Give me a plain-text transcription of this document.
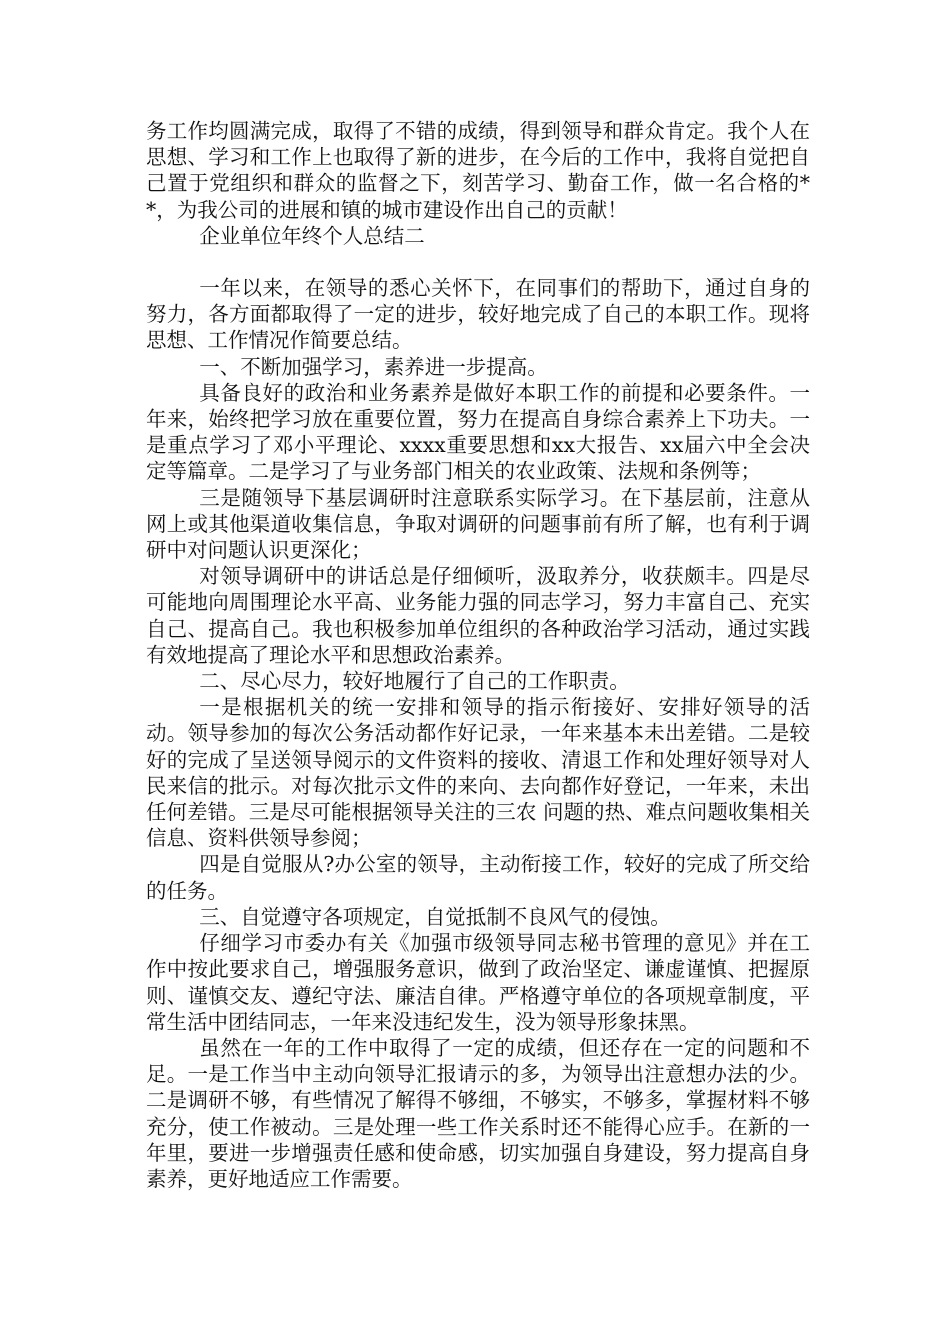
务工作均圆满完成，取得了不错的成绩，得到领导和群众肯定。我个人在思想、学习和工作上也取得了新的进步，在今后的工作中，我将自觉把自己置于党组织和群众的监督之下，刻苦学习、勤奋工作，做一名合格的**，为我公司的进展和镇的城市建设作出自己的贡献！

企业单位年终个人总结二

一年以来，在领导的悉心关怀下，在同事们的帮助下，通过自身的努力，各方面都取得了一定的进步，较好地完成了自己的本职工作。现将思想、工作情况作简要总结。

一、不断加强学习，素养进一步提高。

具备良好的政治和业务素养是做好本职工作的前提和必要条件。一年来，始终把学习放在重要位置，努力在提高自身综合素养上下功夫。一是重点学习了邓小平理论、xxxx重要思想和xx大报告、xx届六中全会决定等篇章。二是学习了与业务部门相关的农业政策、法规和条例等；

三是随领导下基层调研时注意联系实际学习。在下基层前，注意从网上或其他渠道收集信息，争取对调研的问题事前有所了解，也有利于调研中对问题认识更深化；

对领导调研中的讲话总是仔细倾听，汲取养分，收获颇丰。四是尽可能地向周围理论水平高、业务能力强的同志学习，努力丰富自己、充实自己、提高自己。我也积极参加单位组织的各种政治学习活动，通过实践有效地提高了理论水平和思想政治素养。

二、尽心尽力，较好地履行了自己的工作职责。

一是根据机关的统一安排和领导的指示衔接好、安排好领导的活动。领导参加的每次公务活动都作好记录，一年来基本未出差错。二是较好的完成了呈送领导阅示的文件资料的接收、清退工作和处理好领导对人民来信的批示。对每次批示文件的来向、去向都作好登记，一年来，未出任何差错。三是尽可能根据领导关注的三农 问题的热、难点问题收集相关信息、资料供领导参阅；

四是自觉服从?办公室的领导，主动衔接工作，较好的完成了所交给的任务。

三、自觉遵守各项规定，自觉抵制不良风气的侵蚀。

仔细学习市委办有关《加强市级领导同志秘书管理的意见》并在工作中按此要求自己，增强服务意识，做到了政治坚定、谦虚谨慎、把握原则、谨慎交友、遵纪守法、廉洁自律。严格遵守单位的各项规章制度，平常生活中团结同志，一年来没违纪发生，没为领导形象抹黑。

虽然在一年的工作中取得了一定的成绩，但还存在一定的问题和不足。一是工作当中主动向领导汇报请示的多，为领导出注意想办法的少。二是调研不够，有些情况了解得不够细，不够实，不够多，掌握材料不够充分，使工作被动。三是处理一些工作关系时还不能得心应手。在新的一年里，要进一步增强责任感和使命感，切实加强自身建设，努力提高自身素养，更好地适应工作需要。
